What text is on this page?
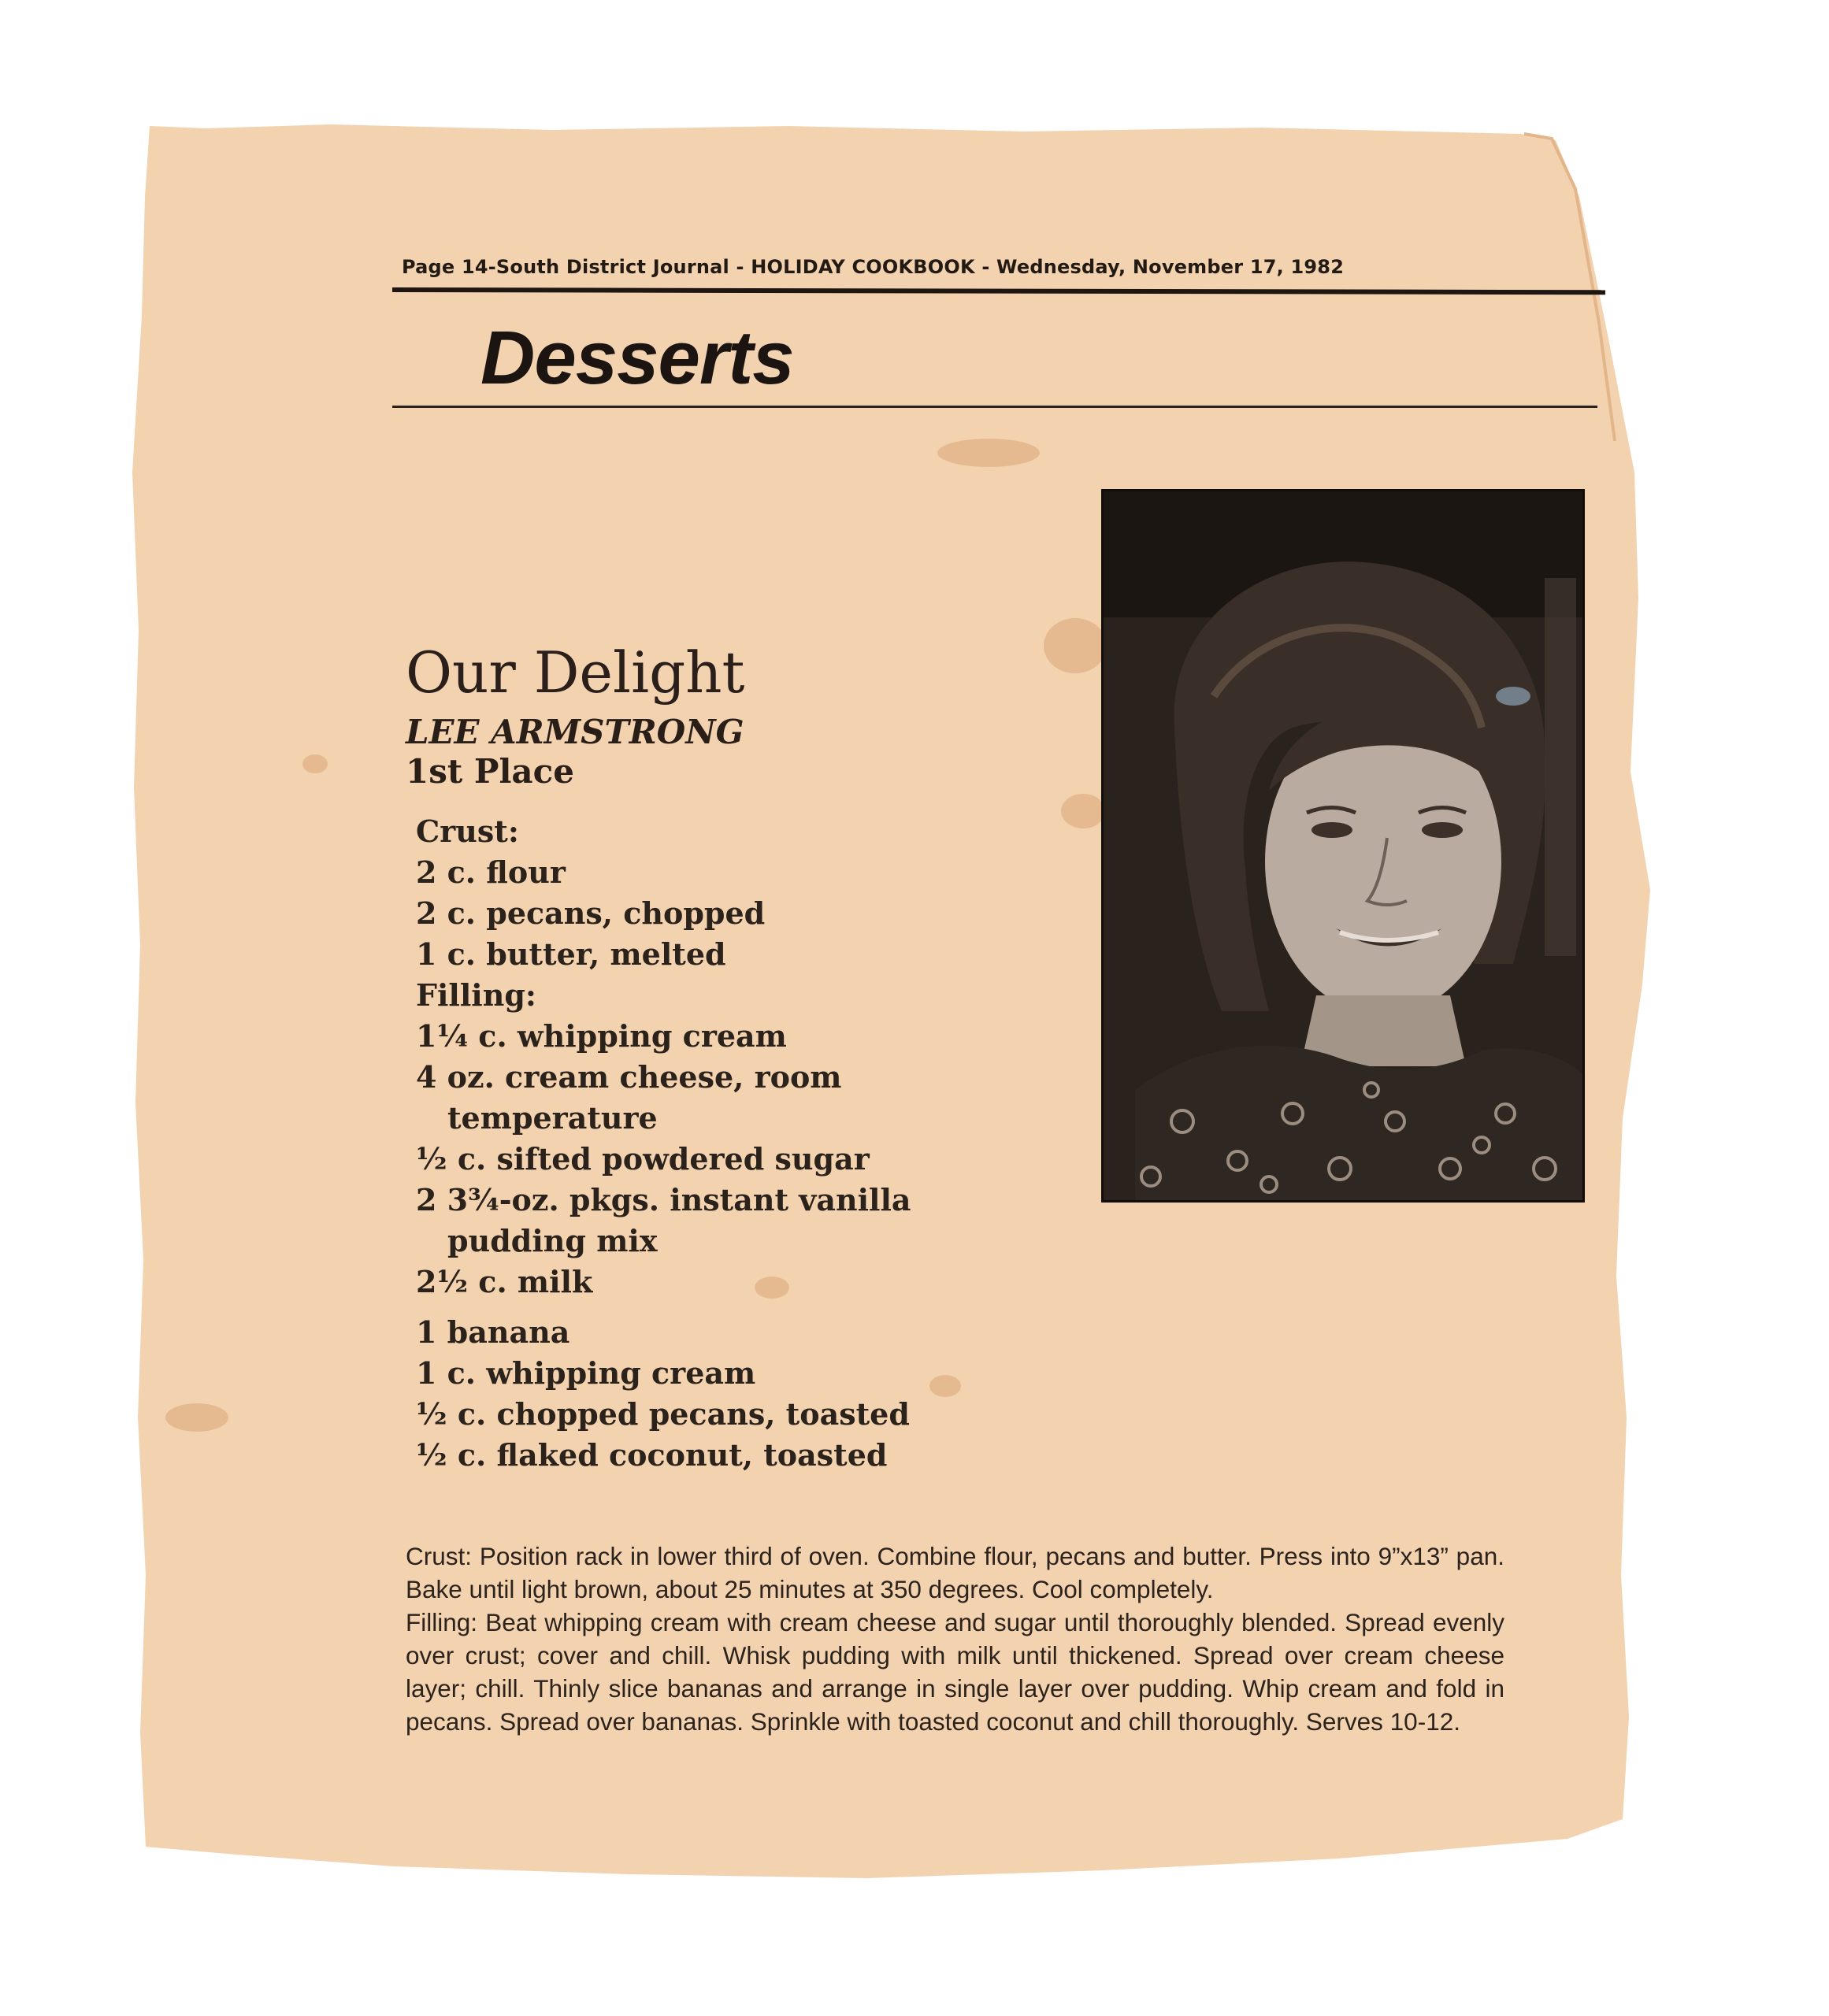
Page 14-South District Journal - HOLIDAY COOKBOOK - Wednesday, November 17, 1982
Desserts
Our Delight
LEE ARMSTRONG
1st Place
Crust:
2 c. flour
2 c. pecans, chopped
1 c. butter, melted
Filling:
1¼ c. whipping cream
4 oz. cream cheese, room
temperature
½ c. sifted powdered sugar
2 3¾-oz. pkgs. instant vanilla
pudding mix
2½ c. milk
1 banana
1 c. whipping cream
½ c. chopped pecans, toasted
½ c. flaked coconut, toasted

Crust: Position rack in lower third of oven. Combine flour, pecans and butter. Press into 9”x13” pan. Bake until light brown, about 25 minutes at 350 degrees. Cool completely.

Filling: Beat whipping cream with cream cheese and sugar until thoroughly blended. Spread evenly over crust; cover and chill. Whisk pudding with milk until thickened. Spread over cream cheese layer; chill. Thinly slice bananas and arrange in single layer over pudding. Whip cream and fold in pecans. Spread over bananas. Sprinkle with toasted coconut and chill thoroughly. Serves 10-12.
